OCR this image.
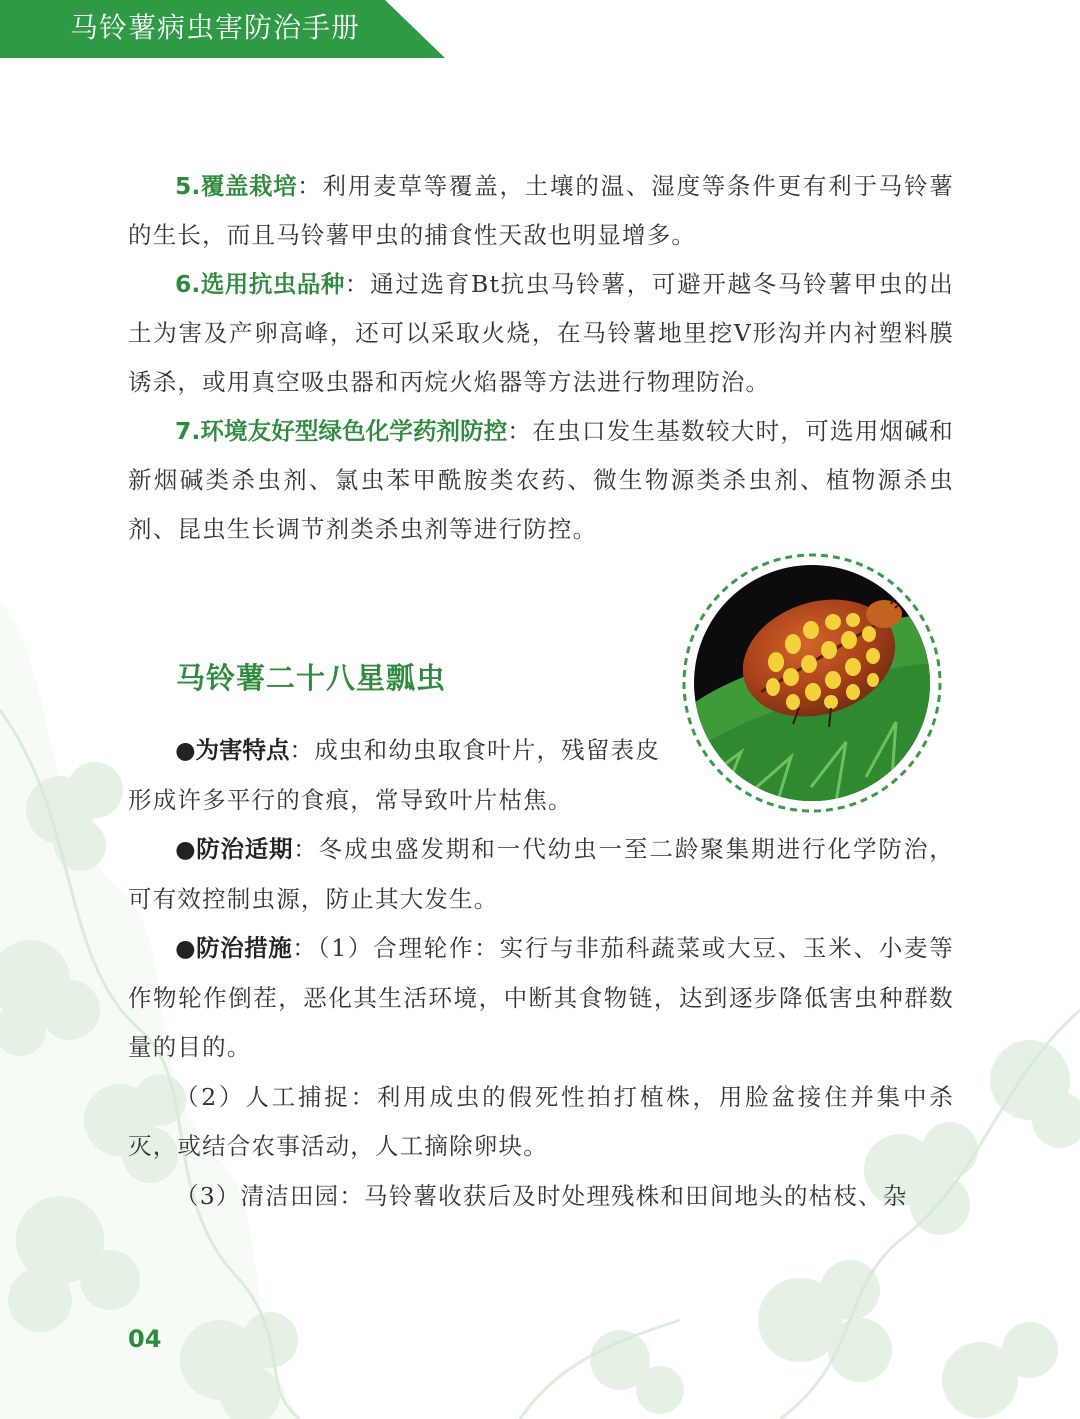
马铃薯病虫害防治手册

5.覆盖栽培：利用麦草等覆盖，土壤的温、湿度等条件更有利于马铃薯的生长，而且马铃薯甲虫的捕食性天敌也明显增多。

6.选用抗虫品种：通过选育Bt抗虫马铃薯，可避开越冬马铃薯甲虫的出土为害及产卵高峰，还可以采取火烧，在马铃薯地里挖V形沟并内衬塑料膜诱杀，或用真空吸虫器和丙烷火焰器等方法进行物理防治。

7.环境友好型绿色化学药剂防控：在虫口发生基数较大时，可选用烟碱和新烟碱类杀虫剂、氯虫苯甲酰胺类农药、微生物源类杀虫剂、植物源杀虫剂、昆虫生长调节剂类杀虫剂等进行防控。

马铃薯二十八星瓢虫

●为害特点：成虫和幼虫取食叶片，残留表皮

形成许多平行的食痕，常导致叶片枯焦。

●防治适期：冬成虫盛发期和一代幼虫一至二龄聚集期进行化学防治，可有效控制虫源，防止其大发生。

●防治措施：（1）合理轮作：实行与非茄科蔬菜或大豆、玉米、小麦等作物轮作倒茬，恶化其生活环境，中断其食物链，达到逐步降低害虫种群数量的目的。

（2）人工捕捉：利用成虫的假死性拍打植株，用脸盆接住并集中杀灭，或结合农事活动，人工摘除卵块。

（3）清洁田园：马铃薯收获后及时处理残株和田间地头的枯枝、杂

04
